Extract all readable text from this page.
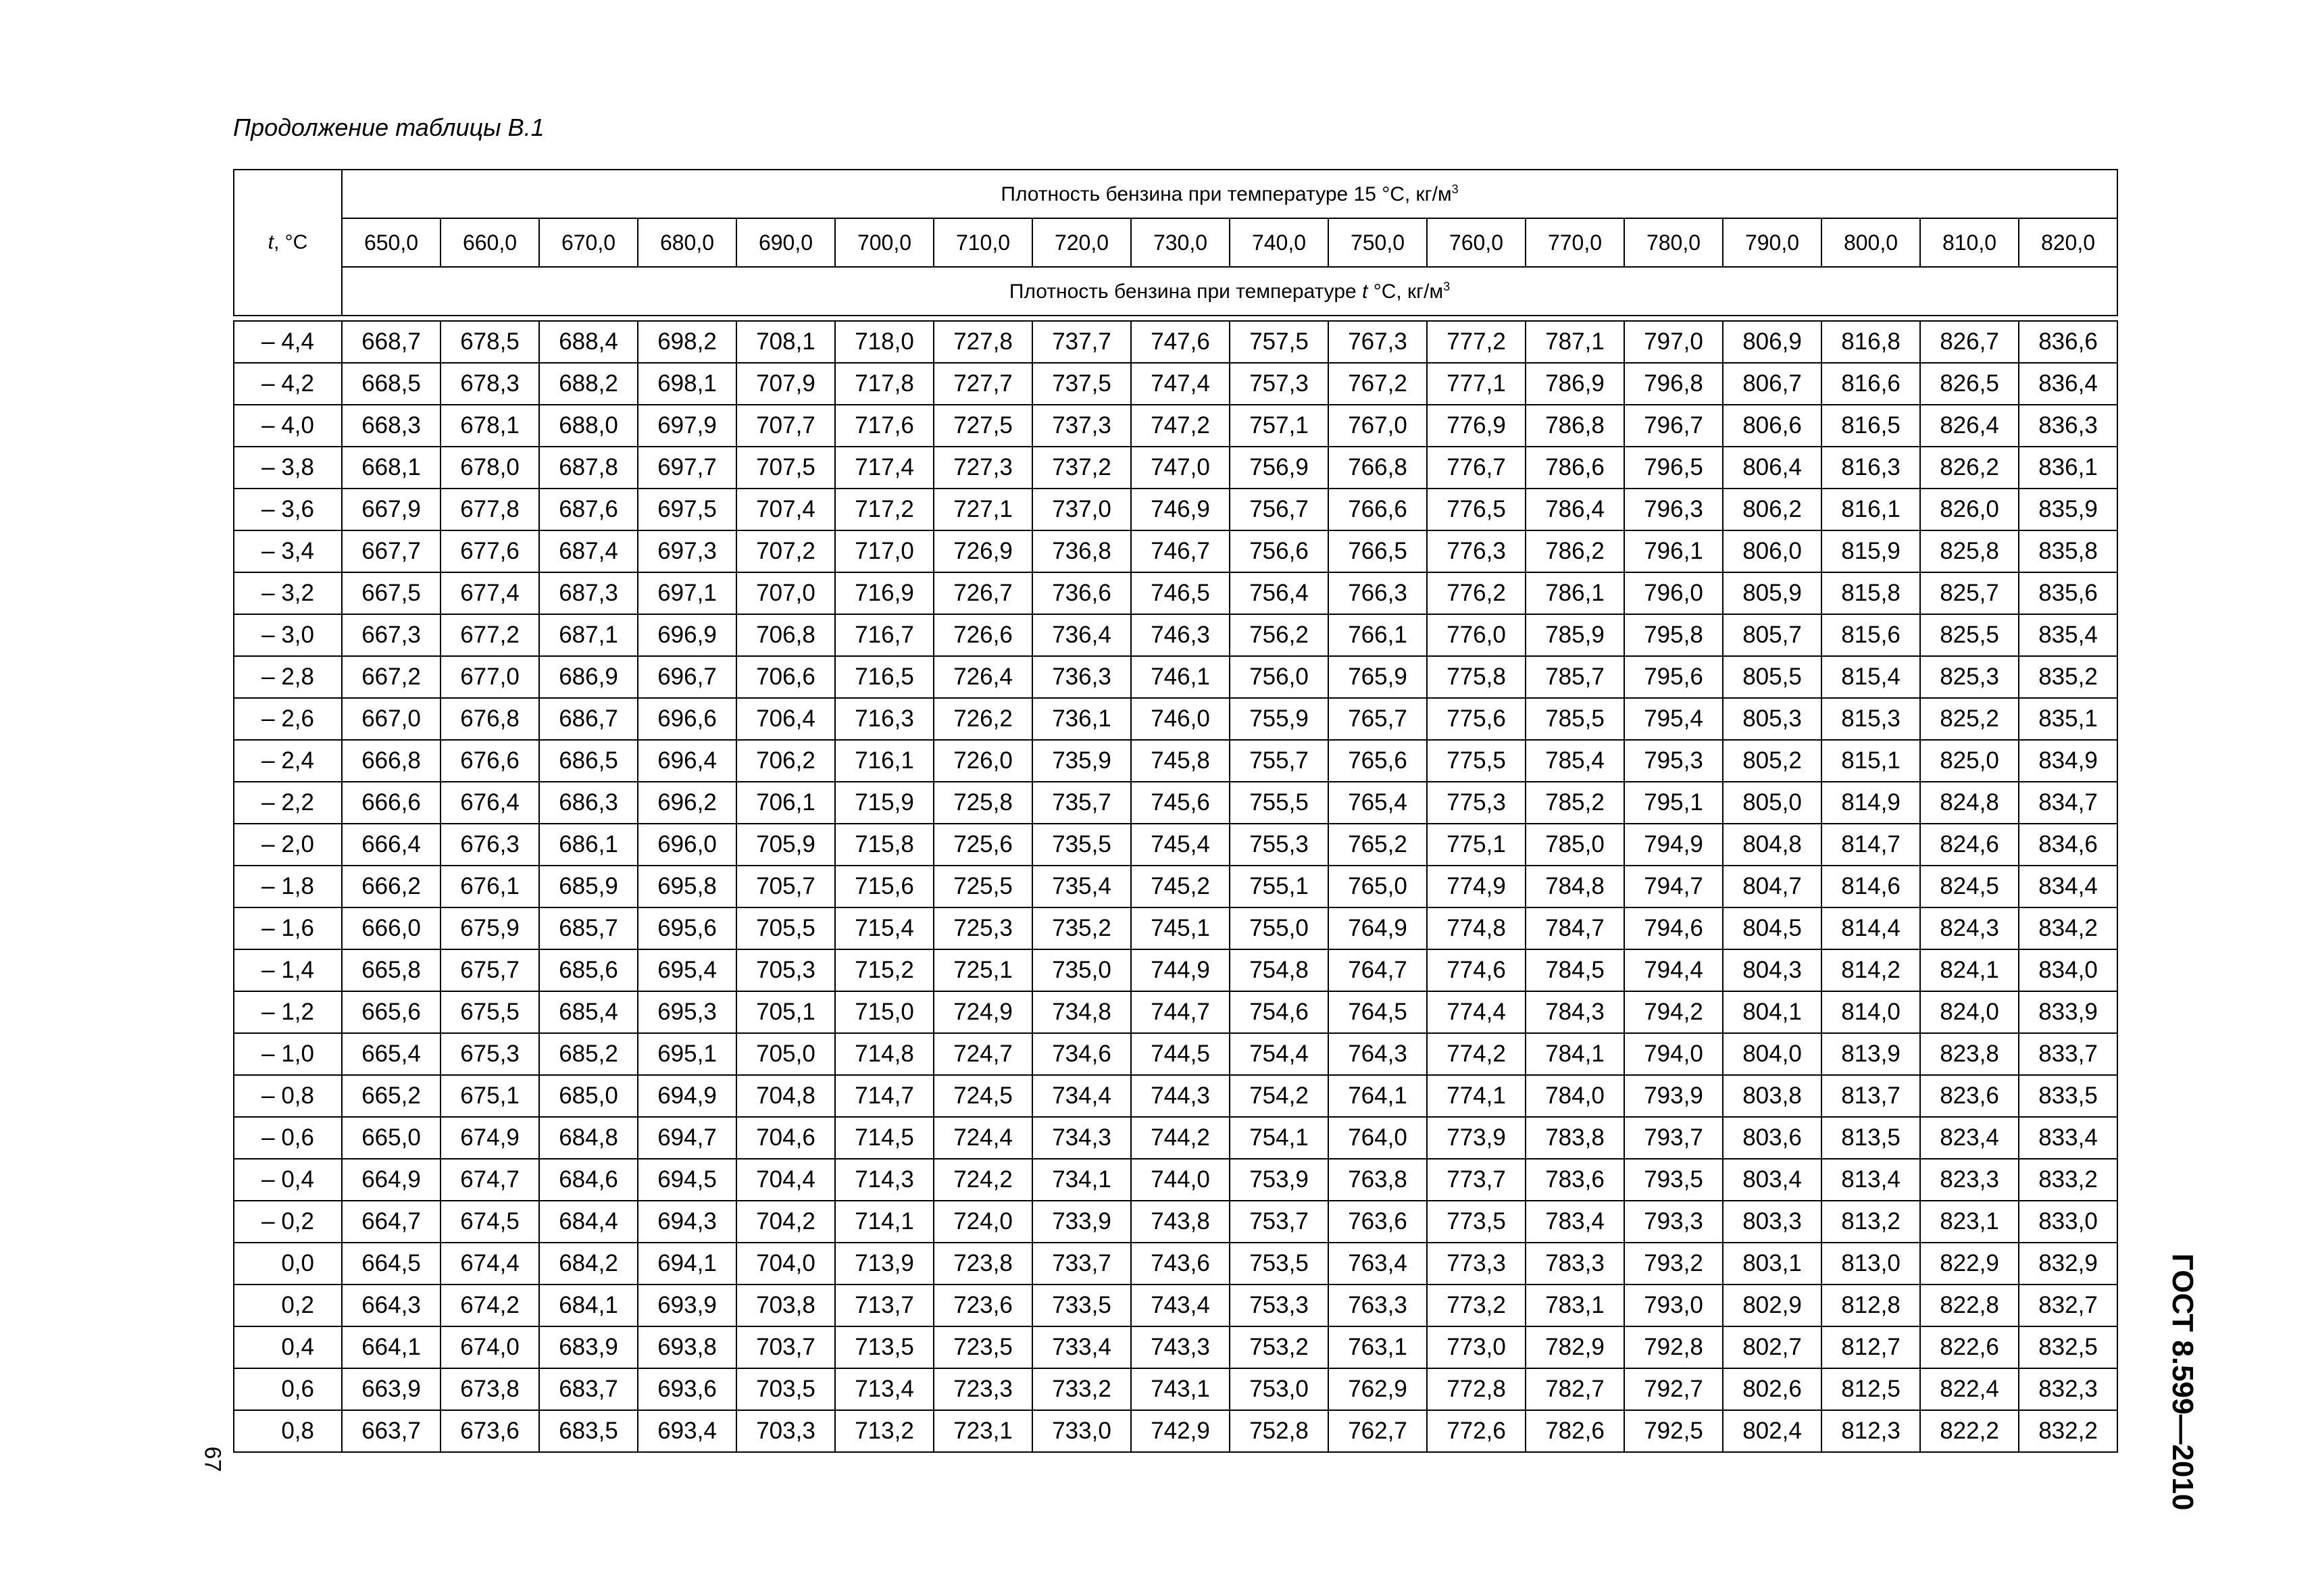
Продолжение таблицы В.1
ГОСТ 8.599—2010
67
t, °C	Плотность бензина при температуре 15 °С, $кг/м^3$
	650,0	660,0	670,0	680,0	690,0	700,0	710,0	720,0	730,0	740,0	750,0	760,0	770,0	780,0	790,0	800,0	810,0	820,0
	Плотность бензина при температуре t °С, $кг/м^3$

– 4,4	668,7	678,5	688,4	698,2	708,1	718,0	727,8	737,7	747,6	757,5	767,3	777,2	787,1	797,0	806,9	816,8	826,7	836,6
– 4,2	668,5	678,3	688,2	698,1	707,9	717,8	727,7	737,5	747,4	757,3	767,2	777,1	786,9	796,8	806,7	816,6	826,5	836,4
– 4,0	668,3	678,1	688,0	697,9	707,7	717,6	727,5	737,3	747,2	757,1	767,0	776,9	786,8	796,7	806,6	816,5	826,4	836,3
– 3,8	668,1	678,0	687,8	697,7	707,5	717,4	727,3	737,2	747,0	756,9	766,8	776,7	786,6	796,5	806,4	816,3	826,2	836,1
– 3,6	667,9	677,8	687,6	697,5	707,4	717,2	727,1	737,0	746,9	756,7	766,6	776,5	786,4	796,3	806,2	816,1	826,0	835,9
– 3,4	667,7	677,6	687,4	697,3	707,2	717,0	726,9	736,8	746,7	756,6	766,5	776,3	786,2	796,1	806,0	815,9	825,8	835,8
– 3,2	667,5	677,4	687,3	697,1	707,0	716,9	726,7	736,6	746,5	756,4	766,3	776,2	786,1	796,0	805,9	815,8	825,7	835,6
– 3,0	667,3	677,2	687,1	696,9	706,8	716,7	726,6	736,4	746,3	756,2	766,1	776,0	785,9	795,8	805,7	815,6	825,5	835,4
– 2,8	667,2	677,0	686,9	696,7	706,6	716,5	726,4	736,3	746,1	756,0	765,9	775,8	785,7	795,6	805,5	815,4	825,3	835,2
– 2,6	667,0	676,8	686,7	696,6	706,4	716,3	726,2	736,1	746,0	755,9	765,7	775,6	785,5	795,4	805,3	815,3	825,2	835,1
– 2,4	666,8	676,6	686,5	696,4	706,2	716,1	726,0	735,9	745,8	755,7	765,6	775,5	785,4	795,3	805,2	815,1	825,0	834,9
– 2,2	666,6	676,4	686,3	696,2	706,1	715,9	725,8	735,7	745,6	755,5	765,4	775,3	785,2	795,1	805,0	814,9	824,8	834,7
– 2,0	666,4	676,3	686,1	696,0	705,9	715,8	725,6	735,5	745,4	755,3	765,2	775,1	785,0	794,9	804,8	814,7	824,6	834,6
– 1,8	666,2	676,1	685,9	695,8	705,7	715,6	725,5	735,4	745,2	755,1	765,0	774,9	784,8	794,7	804,7	814,6	824,5	834,4
– 1,6	666,0	675,9	685,7	695,6	705,5	715,4	725,3	735,2	745,1	755,0	764,9	774,8	784,7	794,6	804,5	814,4	824,3	834,2
– 1,4	665,8	675,7	685,6	695,4	705,3	715,2	725,1	735,0	744,9	754,8	764,7	774,6	784,5	794,4	804,3	814,2	824,1	834,0
– 1,2	665,6	675,5	685,4	695,3	705,1	715,0	724,9	734,8	744,7	754,6	764,5	774,4	784,3	794,2	804,1	814,0	824,0	833,9
– 1,0	665,4	675,3	685,2	695,1	705,0	714,8	724,7	734,6	744,5	754,4	764,3	774,2	784,1	794,0	804,0	813,9	823,8	833,7
– 0,8	665,2	675,1	685,0	694,9	704,8	714,7	724,5	734,4	744,3	754,2	764,1	774,1	784,0	793,9	803,8	813,7	823,6	833,5
– 0,6	665,0	674,9	684,8	694,7	704,6	714,5	724,4	734,3	744,2	754,1	764,0	773,9	783,8	793,7	803,6	813,5	823,4	833,4
– 0,4	664,9	674,7	684,6	694,5	704,4	714,3	724,2	734,1	744,0	753,9	763,8	773,7	783,6	793,5	803,4	813,4	823,3	833,2
– 0,2	664,7	674,5	684,4	694,3	704,2	714,1	724,0	733,9	743,8	753,7	763,6	773,5	783,4	793,3	803,3	813,2	823,1	833,0
0,0	664,5	674,4	684,2	694,1	704,0	713,9	723,8	733,7	743,6	753,5	763,4	773,3	783,3	793,2	803,1	813,0	822,9	832,9
0,2	664,3	674,2	684,1	693,9	703,8	713,7	723,6	733,5	743,4	753,3	763,3	773,2	783,1	793,0	802,9	812,8	822,8	832,7
0,4	664,1	674,0	683,9	693,8	703,7	713,5	723,5	733,4	743,3	753,2	763,1	773,0	782,9	792,8	802,7	812,7	822,6	832,5
0,6	663,9	673,8	683,7	693,6	703,5	713,4	723,3	733,2	743,1	753,0	762,9	772,8	782,7	792,7	802,6	812,5	822,4	832,3
0,8	663,7	673,6	683,5	693,4	703,3	713,2	723,1	733,0	742,9	752,8	762,7	772,6	782,6	792,5	802,4	812,3	822,2	832,2
